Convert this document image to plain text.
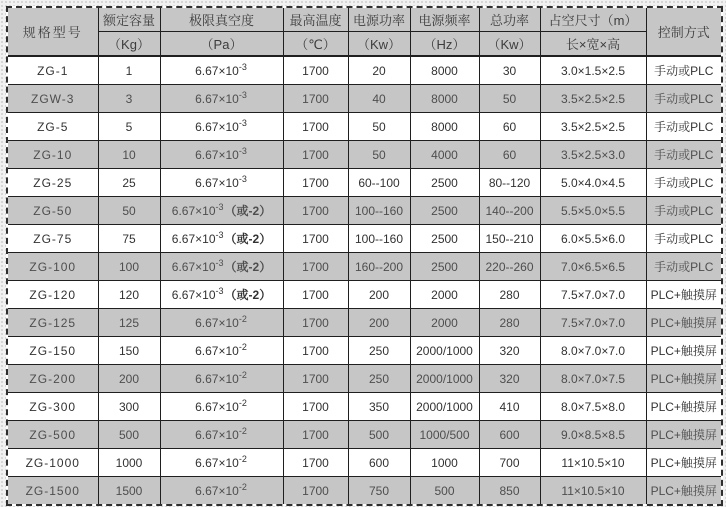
规格型号	额定容量	极限真空度	最高温度	电源功率	电源频率	总功率	占空尺寸（m）	控制方式
	（Kg）	（Pa）	（℃）	（Kw）	（Hz）	（Kw）	长×宽×高	
ZG-1	1	$6.67\times 10^{-3}$	1700	20	8000	30	3.0×1.5×2.5	手动或PLC
ZGW-3	3	$6.67\times 10^{-3}$	1700	40	8000	50	3.5×2.5×2.5	手动或PLC
ZG-5	5	$6.67\times 10^{-3}$	1700	50	8000	60	3.5×2.5×2.5	手动或PLC
ZG-10	10	$6.67\times 10^{-3}$	1700	50	4000	60	3.5×2.5×3.0	手动或PLC
ZG-25	25	$6.67\times 10^{-3}$	1700	60--100	2500	80--120	5.0×4.0×4.5	手动或PLC
ZG-50	50	$6.67\times 10^{-3}$（或-2）	1700	100--160	2500	140--200	5.5×5.0×5.5	手动或PLC
ZG-75	75	$6.67\times 10^{-3}$（或-2）	1700	100--160	2500	150--210	6.0×5.5×6.0	手动或PLC
ZG-100	100	$6.67\times 10^{-3}$（或-2）	1700	160--200	2500	220--260	7.0×6.5×6.5	手动或PLC
ZG-120	120	$6.67\times 10^{-3}$（或-2）	1700	200	2000	280	7.5×7.0×7.0	PLC+触摸屏
ZG-125	125	$6.67\times 10^{-2}$	1700	200	2000	280	7.5×7.0×7.0	PLC+触摸屏
ZG-150	150	$6.67\times 10^{-2}$	1700	250	2000/1000	320	8.0×7.0×7.0	PLC+触摸屏
ZG-200	200	$6.67\times 10^{-2}$	1700	250	2000/1000	320	8.0×7.0×7.5	PLC+触摸屏
ZG-300	300	$6.67\times 10^{-2}$	1700	350	2000/1000	410	8.0×7.5×8.0	PLC+触摸屏
ZG-500	500	$6.67\times 10^{-2}$	1700	500	1000/500	600	9.0×8.5×8.5	PLC+触摸屏
ZG-1000	1000	$6.67\times 10^{-2}$	1700	600	1000	700	11×10.5×10	PLC+触摸屏
ZG-1500	1500	$6.67\times 10^{-2}$	1700	750	500	850	11×10.5×10	PLC+触摸屏
